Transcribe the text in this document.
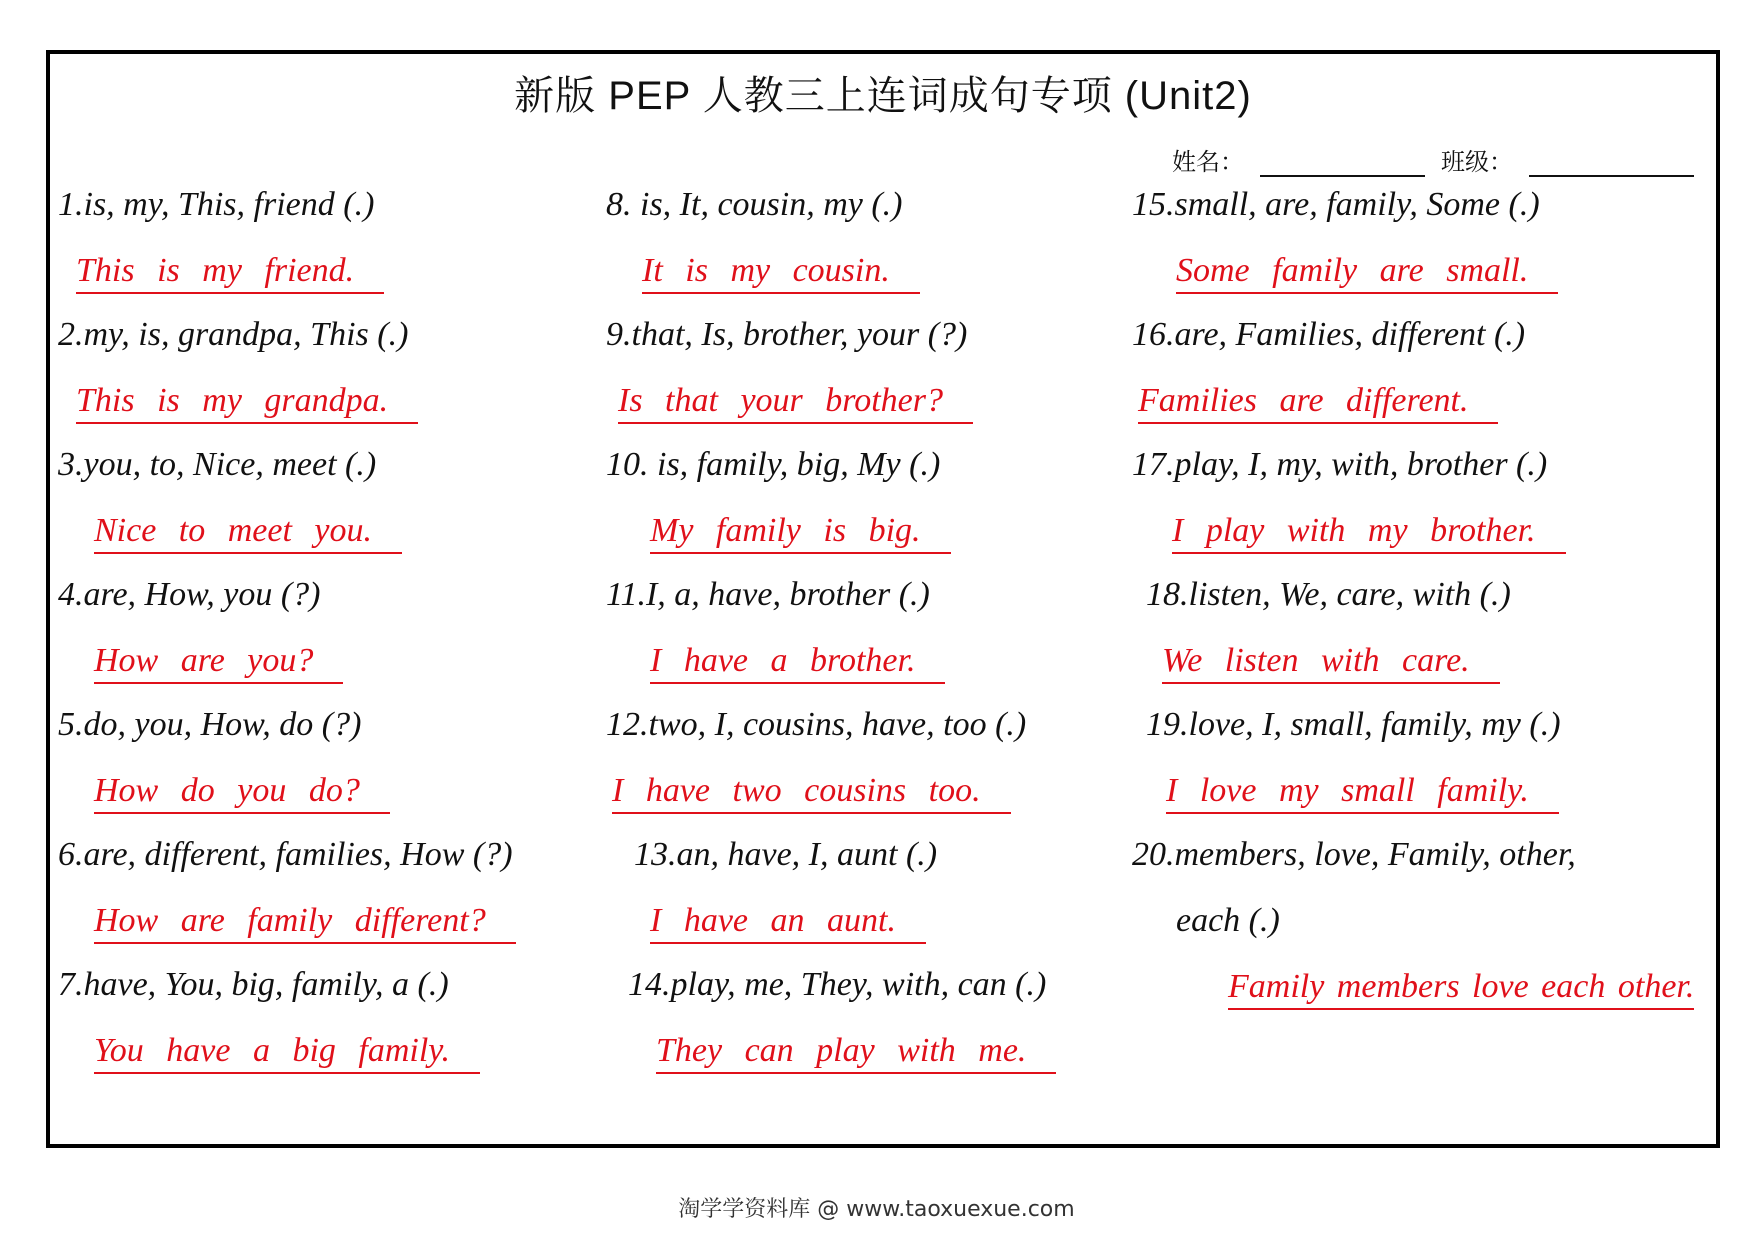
新版 PEP 人教三上连词成句专项 (Unit2)
姓名：	班级：
1.is, my, This, friend (.)
This is my friend.
2.my, is, grandpa, This (.)
This is my grandpa.
3.you, to, Nice, meet (.)
Nice to meet you.
4.are, How, you (?)
How are you?
5.do, you, How, do (?)
How do you do?
6.are, different, families, How (?)
How are family different?
7.have, You, big, family, a (.)
You have a big family.
8. is, It, cousin, my (.)
It is my cousin.
9.that, Is, brother, your (?)
Is that your brother?
10. is, family, big, My (.)
My family is big.
11.I, a, have, brother (.)
I have a brother.
12.two, I, cousins, have, too (.)
I have two cousins too.
13.an, have, I, aunt (.)
I have an aunt.
14.play, me, They, with, can (.)
They can play with me.
15.small, are, family, Some (.)
Some family are small.
16.are, Families, different (.)
Families are different.
17.play, I, my, with, brother (.)
I play with my brother.
18.listen, We, care, with (.)
We listen with care.
19.love, I, small, family, my (.)
I love my small family.
20.members, love, Family, other,
each (.)
Family members love each other.
淘学学资料库 @ www.taoxuexue.com
